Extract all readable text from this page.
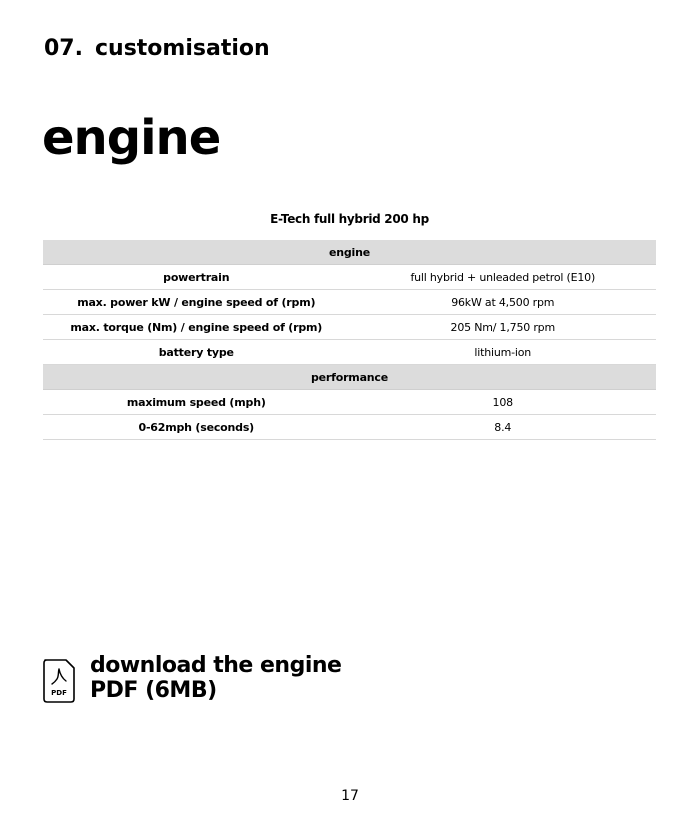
07. customisation
engine
E-Tech full hybrid 200 hp
engine	
powertrain	full hybrid + unleaded petrol (E10)
max. power kW / engine speed of (rpm)	96kW at 4,500 rpm
max. torque (Nm) / engine speed of (rpm)	205 Nm/ 1,750 rpm
battery type	lithium-ion
performance	
maximum speed (mph)	108
0-62mph (seconds)	8.4
PDF
download the engine
PDF (6MB)
17
